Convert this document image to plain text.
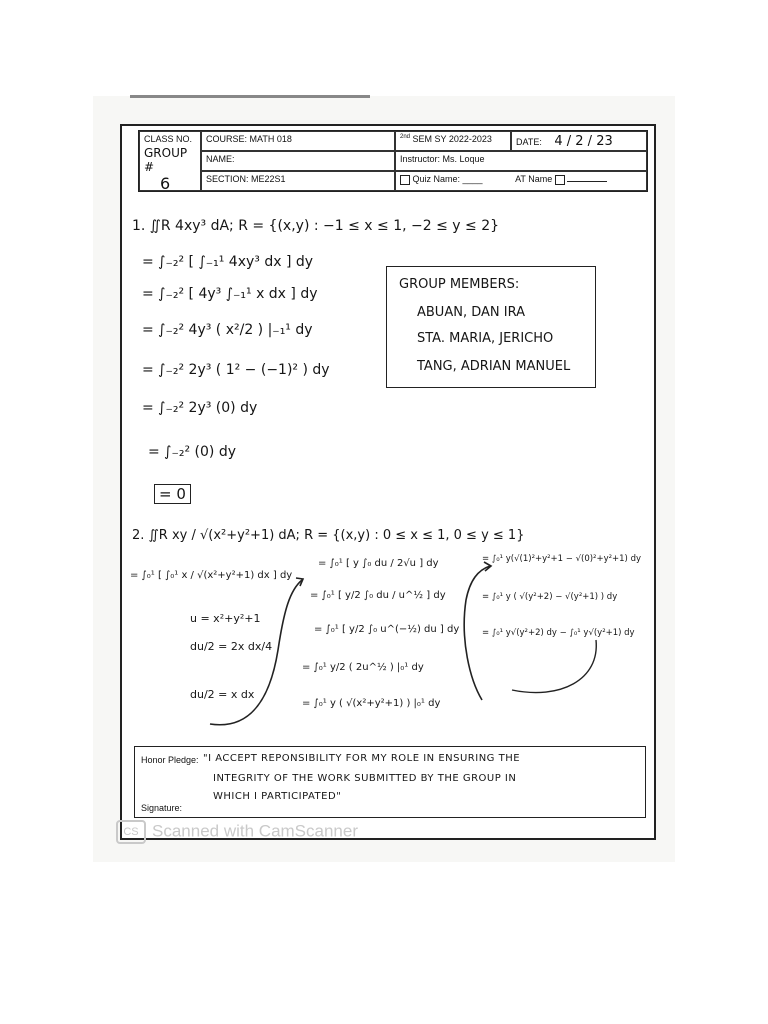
CLASS NO.
GROUP #
6
COURSE: MATH 018	$^{2nd}$ SEM SY 2022-2023	DATE: 4 / 2 / 23
NAME:	Instructor: Ms. Loque
SECTION: ME22S1	Quiz Name: ____	AT Name
1. ∬R 4xy³ dA; R = {(x,y) : −1 ≤ x ≤ 1, −2 ≤ y ≤ 2}
= ∫₋₂² [ ∫₋₁¹ 4xy³ dx ] dy
= ∫₋₂² [ 4y³ ∫₋₁¹ x dx ] dy
= ∫₋₂² 4y³ ( x²/2 ) |₋₁¹ dy
= ∫₋₂² 2y³ ( 1² − (−1)² ) dy
= ∫₋₂² 2y³ (0) dy
= ∫₋₂² (0) dy
= 0
GROUP MEMBERS:
ABUAN, DAN IRA
STA. MARIA, JERICHO
TANG, ADRIAN MANUEL
2. ∬R xy / √(x²+y²+1) dA; R = {(x,y) : 0 ≤ x ≤ 1, 0 ≤ y ≤ 1}
= ∫₀¹ [ ∫₀¹ x / √(x²+y²+1) dx ] dy
u = x²+y²+1
du/2 = 2x dx/4
du/2 = x dx
= ∫₀¹ [ y ∫₀ du / 2√u ] dy
= ∫₀¹ [ y/2 ∫₀ du / u^½ ] dy
= ∫₀¹ [ y/2 ∫₀ u^(−½) du ] dy
= ∫₀¹ y/2 ( 2u^½ ) |₀¹ dy
= ∫₀¹ y ( √(x²+y²+1) ) |₀¹ dy
= ∫₀¹ y(√(1)²+y²+1 − √(0)²+y²+1) dy
= ∫₀¹ y ( √(y²+2) − √(y²+1) ) dy
= ∫₀¹ y√(y²+2) dy − ∫₀¹ y√(y²+1) dy
Honor Pledge: "I ACCEPT REPONSIBILITY FOR MY ROLE IN ENSURING THE
INTEGRITY OF THE WORK SUBMITTED BY THE GROUP IN
WHICH I PARTICIPATED"
Signature:
CS Scanned with CamScanner
